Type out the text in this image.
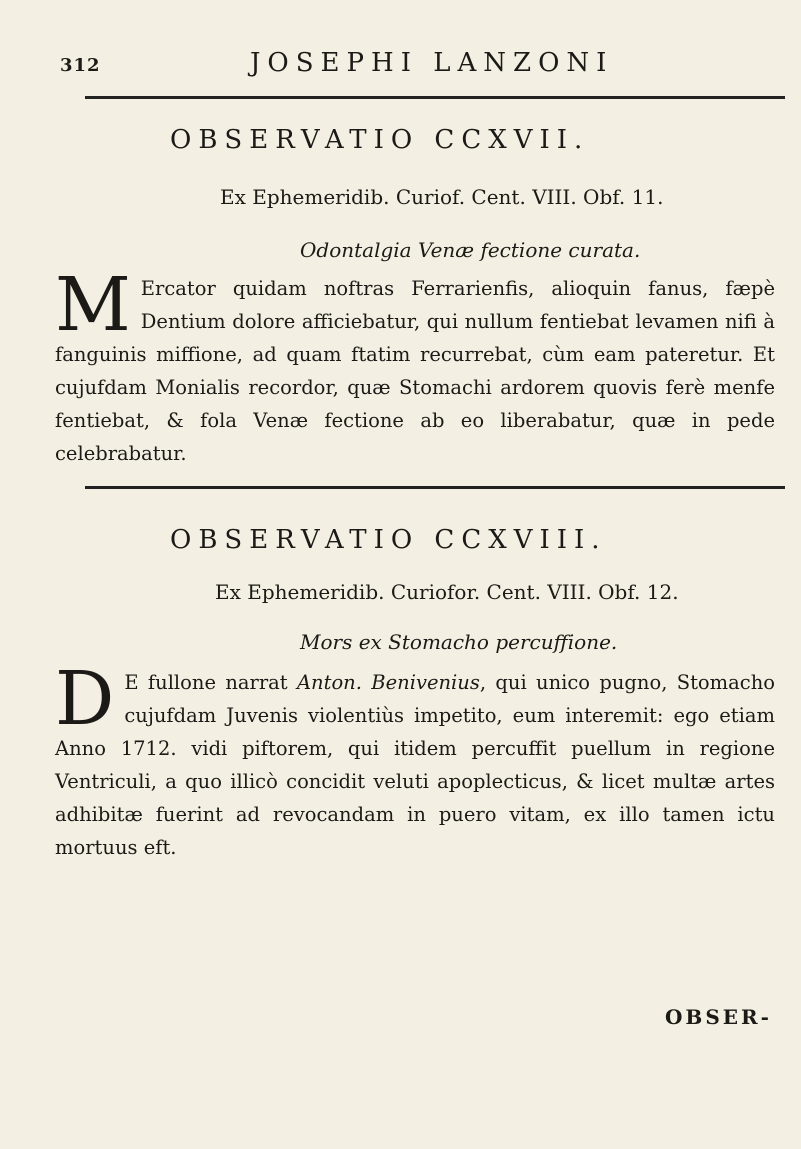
312	JOSEPHI LANZONI
OBSERVATIO CCXVII.
Ex Ephemeridib. Curiof. Cent. VIII. Obf. 11.
Odontalgia Venæ fectione curata.
M Ercator quidam noftras Ferrarienfis, alioquin fanus, fæpè Dentium dolore afficiebatur, qui nullum fentiebat levamen nifi à fanguinis miffione, ad quam ftatim recurrebat, cùm eam pateretur. Et cujufdam Monialis recordor, quæ Stomachi ardorem quovis ferè menfe fentiebat, & fola Venæ fectione ab eo liberabatur, quæ in pede celebrabatur.
OBSERVATIO CCXVIII.
Ex Ephemeridib. Curiofor. Cent. VIII. Obf. 12.
Mors ex Stomacho percuffione.
D E fullone narrat Anton. Benivenius, qui unico pugno, Stomacho cujufdam Juvenis violentiùs impetito, eum interemit: ego etiam Anno 1712. vidi piftorem, qui itidem percuffit puellum in regione Ventriculi, a quo illicò concidit veluti apoplecticus, & licet multæ artes adhibitæ fuerint ad revocandam in puero vitam, ex illo tamen ictu mortuus eft.
OBSER-
